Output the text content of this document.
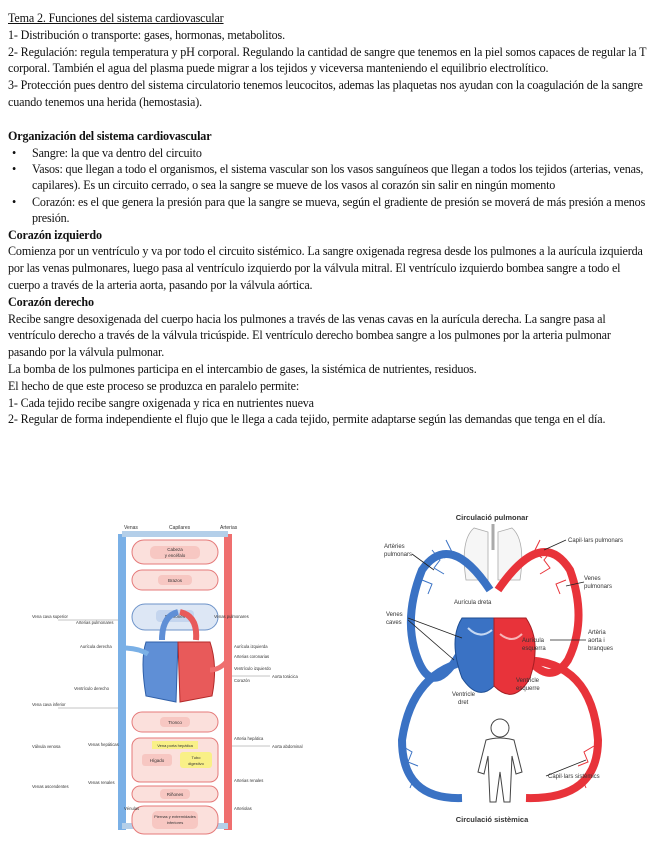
Tema 2. Funciones del sistema cardiovascular

1- Distribución o transporte: gases, hormonas, metabolitos.

2- Regulación: regula temperatura y pH corporal. Regulando la cantidad de sangre que tenemos en la piel somos capaces de regular la T corporal. También el agua del plasma puede migrar a los tejidos y viceversa manteniendo el equilibrio electrolítico.

3- Protección pues dentro del sistema circulatorio tenemos leucocitos, ademas las plaquetas nos ayudan con la coagulación de la sangre cuando tenemos una herida (hemostasia).

Organización del sistema cardiovascular

• Sangre: la que va dentro del circuito
• Vasos: que llegan a todo el organismos, el sistema vascular son los vasos sanguíneos que llegan a todos los tejidos (arterias, venas, capilares). Es un circuito cerrado, o sea la sangre se mueve de los vasos al corazón sin salir en ningún momento
• Corazón: es el que genera la presión para que la sangre se mueva, según el gradiente de presión se moverá de más presión a menos presión.

Corazón izquierdo

Comienza por un ventrículo y va por todo el circuito sistémico. La sangre oxigenada regresa desde los pulmones a la aurícula izquierda por las venas pulmonares, luego pasa al ventrículo izquierdo por la válvula mitral. El ventrículo izquierdo bombea sangre a todo el cuerpo a través de la arteria aorta, pasando por la válvula aórtica.

Corazón derecho

Recibe sangre desoxigenada del cuerpo hacia los pulmones a través de las venas cavas en la aurícula derecha. La sangre pasa al ventrículo derecho a través de la válvula tricúspide. El ventrículo derecho bombea sangre a los pulmones por la arteria pulmonar pasando por la válvula pulmonar.

La bomba de los pulmones participa en el intercambio de gases, la sistémica de nutrientes, residuos.

El hecho de que este proceso se produzca en paralelo permite:

1- Cada tejido recibe sangre oxigenada y rica en nutrientes nueva

2- Regular de forma independiente el flujo que le llega a cada tejido, permite adaptarse según las demandas que tenga en el día.

Venas	Capilares	Arterias
Cabeza
y encéfalo
Brazos
Pulmones
Tronco
Hígado
Tubo
digestivo
Vena porta hepática
Riñones
Piernas y extremidades
inferiores
Vena cava superior
Arterias pulmonares
Aurícula derecha
Ventrículo derecho
Vena cava inferior
Venas hepáticas
Válvula venosa
Venas renales
Venas ascendentes
Venas pulmonares
Aurícula izquierda
Arterias coronarias
Ventrículo izquierdo
Corazón
Arteria hepática
Arterias renales
Arteriolas
Vénulas
Aorta torácica
Aorta abdominal
Circulació pulmonar
Circulació sistèmica
Artèries
pulmonars
Capil·lars pulmonars
Venes
pulmonars
Aurícula dreta
Venes
caves
Aurícula
esquerra
Artèria
aorta i
branques
Ventricle
esquerre
Ventricle
dret
Capil·lars sistèmics
